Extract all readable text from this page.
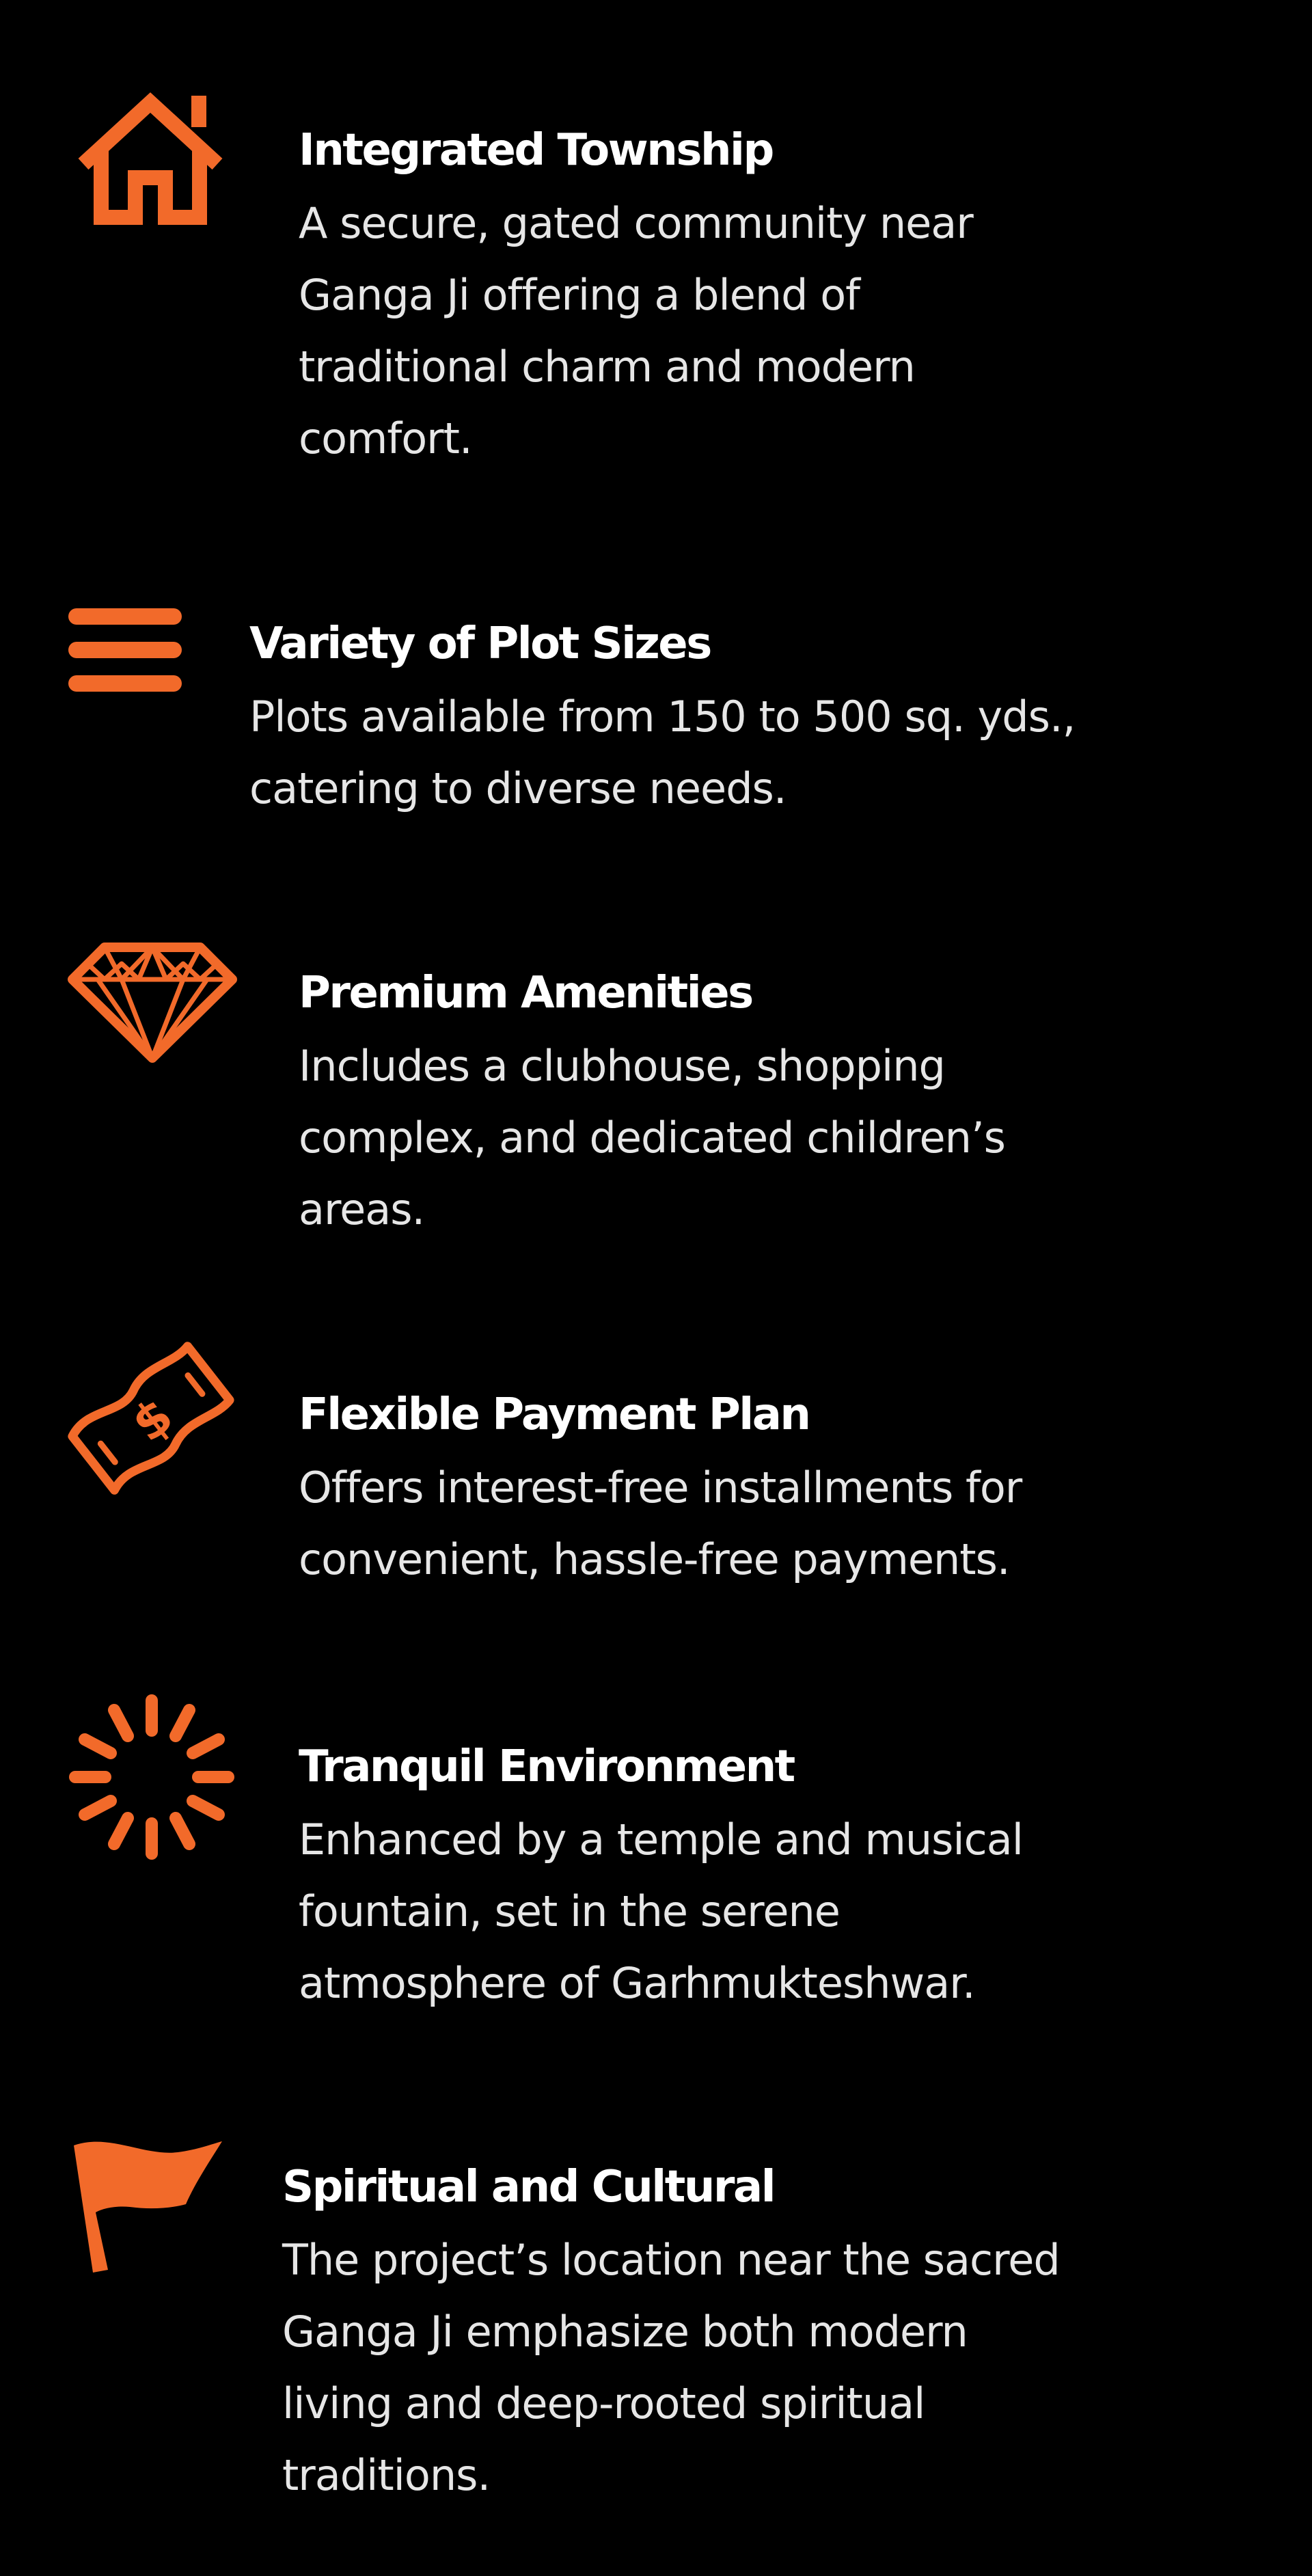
Integrated Township

A secure, gated community near
Ganga Ji offering a blend of
traditional charm and modern
comfort.

Variety of Plot Sizes

Plots available from 150 to 500 sq. yds.,
catering to diverse needs.

Premium Amenities

Includes a clubhouse, shopping
complex, and dedicated children’s
areas.

$	Flexible Payment Plan

Offers interest-free installments for
convenient, hassle-free payments.

Tranquil Environment

Enhanced by a temple and musical
fountain, set in the serene
atmosphere of Garhmukteshwar.

Spiritual and Cultural

The project’s location near the sacred
Ganga Ji emphasize both modern
living and deep-rooted spiritual
traditions.
